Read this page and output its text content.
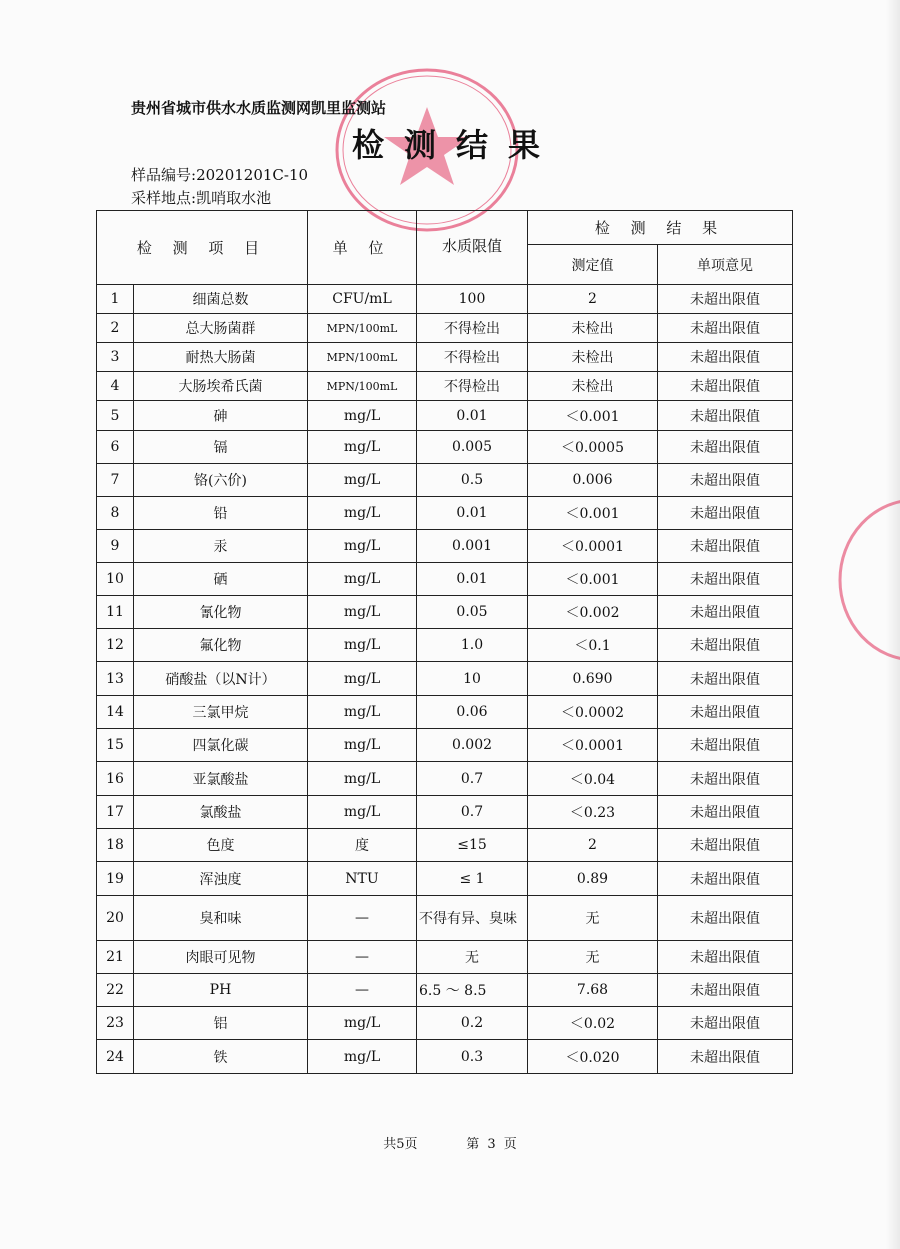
贵州省城市供水水质监测网凯里监测站
检测结果
样品编号:20201201C-10
采样地点:凯哨取水池
检 测 项 目		单 位	水质限值	检 测 结 果	
				测定值	单项意见
1	细菌总数	CFU/mL	100	2	未超出限值
2	总大肠菌群	MPN/100mL	不得检出	未检出	未超出限值
3	耐热大肠菌	MPN/100mL	不得检出	未检出	未超出限值
4	大肠埃希氏菌	MPN/100mL	不得检出	未检出	未超出限值
5	砷	mg/L	0.01	＜0.001	未超出限值
6	镉	mg/L	0.005	＜0.0005	未超出限值
7	铬(六价)	mg/L	0.5	0.006	未超出限值
8	铅	mg/L	0.01	＜0.001	未超出限值
9	汞	mg/L	0.001	＜0.0001	未超出限值
10	硒	mg/L	0.01	＜0.001	未超出限值
11	氰化物	mg/L	0.05	＜0.002	未超出限值
12	氟化物	mg/L	1.0	＜0.1	未超出限值
13	硝酸盐（以N计）	mg/L	10	0.690	未超出限值
14	三氯甲烷	mg/L	0.06	＜0.0002	未超出限值
15	四氯化碳	mg/L	0.002	＜0.0001	未超出限值
16	亚氯酸盐	mg/L	0.7	＜0.04	未超出限值
17	氯酸盐	mg/L	0.7	＜0.23	未超出限值
18	色度	度	≤15	2	未超出限值
19	浑浊度	NTU	≤ 1	0.89	未超出限值
20	臭和味	—	不得有异、臭味	无	未超出限值
21	肉眼可见物	—	无	无	未超出限值
22	PH	—	6.5 ～ 8.5	7.68	未超出限值
23	铝	mg/L	0.2	＜0.02	未超出限值
24	铁	mg/L	0.3	＜0.020	未超出限值
共5页	第 3 页
